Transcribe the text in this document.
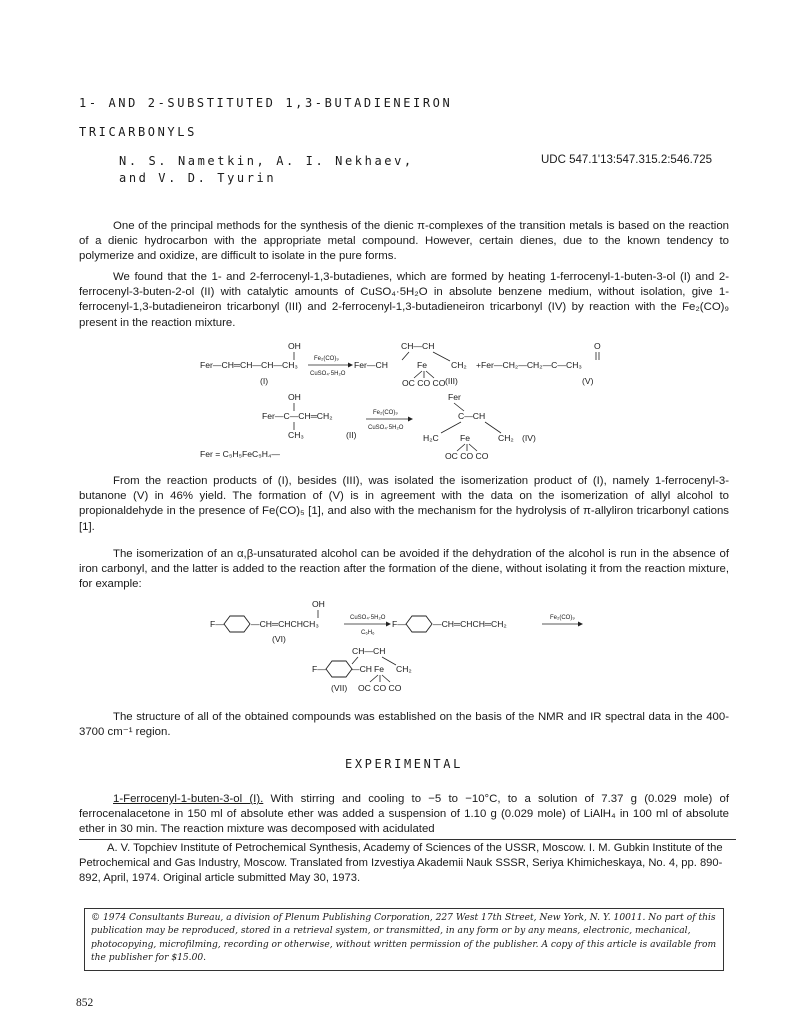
1- AND 2-SUBSTITUTED 1,3-BUTADIENEIRON
TRICARBONYLS
N. S. Nametkin, A. I. Nekhaev,
and V. D. Tyurin
UDC 547.1'13:547.315.2:546.725

One of the principal methods for the synthesis of the dienic π-complexes of the transition metals is based on the reaction of a dienic hydrocarbon with the appropriate metal compound. However, certain dienes, due to the known tendency to polymerize and oxidize, are difficult to isolate in the pure forms.

We found that the 1- and 2-ferrocenyl-1,3-butadienes, which are formed by heating 1-ferrocenyl-1-buten-3-ol (I) and 2-ferrocenyl-3-buten-2-ol (II) with catalytic amounts of CuSO₄·5H₂O in absolute benzene medium, without isolation, give 1-ferrocenyl-1,3-butadieneiron tricarbonyl (III) and 2-ferrocenyl-1,3-butadieneiron tricarbonyl (IV) by reaction with the Fe₂(CO)₉ present in the reaction mixture.

OH
Fer—CH═CH—CH—CH₃
Fe₂(CO)₉
CuSO₄·5H₂O
(I)
CH—CH
Fer—CH	Fe	CH₂
OC CO CO (III)
O
+Fer—CH₂—CH₂—C—CH₃
(V)
OH
Fer—C—CH═CH₂
CH₃	(II)
Fe₂(CO)₉
CuSO₄·5H₂O
Fer
C—CH
H₂C Fe	CH₂ (IV)
OC CO CO
Fer = C₅H₅FeC₅H₄—

From the reaction products of (I), besides (III), was isolated the isomerization product of (I), namely 1-ferrocenyl-3-butanone (V) in 46% yield. The formation of (V) is in agreement with the data on the isomerization of allyl alcohol to propionaldehyde in the presence of Fe(CO)₅ [1], and also with the mechanism for the hydrolysis of π-allyliron tricarbonyl cations [1].

The isomerization of an α,β-unsaturated alcohol can be avoided if the dehydration of the alcohol is run in the absence of iron carbonyl, and the latter is added to the reaction after the formation of the diene, without isolating it from the reaction mixture, for example:

OH
F—	—CH═CHCHCH₃
(VI)
CuSO₄·5H₂O
C₆H₆
F—	—CH═CHCH═CH₂
Fe₂(CO)₉
CH—CH
F—	—CH Fe CH₂
(VII) OC CO CO

The structure of all of the obtained compounds was established on the basis of the NMR and IR spectral data in the 400-3700 cm⁻¹ region.

EXPERIMENTAL

1-Ferrocenyl-1-buten-3-ol (I). With stirring and cooling to −5 to −10°C, to a solution of 7.37 g (0.029 mole) of ferrocenalacetone in 150 ml of absolute ether was added a suspension of 1.10 g (0.029 mole) of LiAlH₄ in 100 ml of absolute ether in 30 min. The reaction mixture was decomposed with acidulated

A. V. Topchiev Institute of Petrochemical Synthesis, Academy of Sciences of the USSR, Moscow. I. M. Gubkin Institute of the Petrochemical and Gas Industry, Moscow. Translated from Izvestiya Akademii Nauk SSSR, Seriya Khimicheskaya, No. 4, pp. 890-892, April, 1974. Original article submitted May 30, 1973.

© 1974 Consultants Bureau, a division of Plenum Publishing Corporation, 227 West 17th Street, New York, N. Y. 10011. No part of this publication may be reproduced, stored in a retrieval system, or transmitted, in any form or by any means, electronic, mechanical, photocopying, microfilming, recording or otherwise, without written permission of the publisher. A copy of this article is available from the publisher for $15.00.
852
